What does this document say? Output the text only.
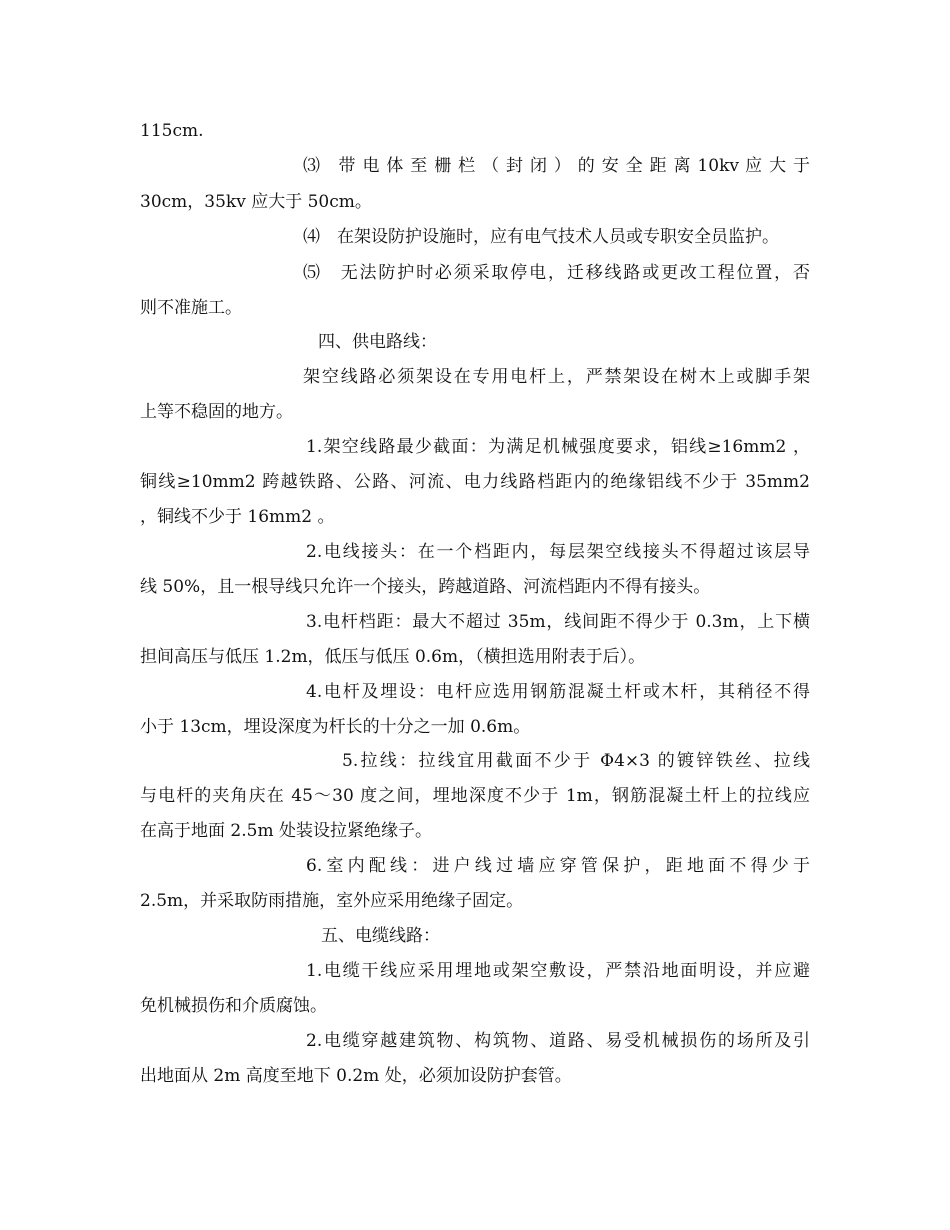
115cm.
⑶　带 电 体 至 栅 栏 （ 封 闭 ） 的 安 全 距 离 10kv 应 大 于
30cm，35kv 应大于 50cm。
⑷　在架设防护设施时，应有电气技术人员或专职安全员监护。
⑸　无法防护时必须采取停电，迁移线路或更改工程位置，否
则不准施工。
四、供电路线：
架空线路必须架设在专用电杆上，严禁架设在树木上或脚手架
上等不稳固的地方。
1.架空线路最少截面：为满足机械强度要求，铝线≥16mm2 ，
铜线≥10mm2 跨越铁路、公路、河流、电力线路档距内的绝缘铝线不少于 35mm2
，铜线不少于 16mm2 。
2.电线接头：在一个档距内，每层架空线接头不得超过该层导
线 50%，且一根导线只允许一个接头，跨越道路、河流档距内不得有接头。
3.电杆档距：最大不超过 35m，线间距不得少于 0.3m，上下横
担间高压与低压 1.2m，低压与低压 0.6m，（横担选用附表于后）。
4.电杆及埋设：电杆应选用钢筋混凝土杆或木杆，其稍径不得
小于 13cm，埋设深度为杆长的十分之一加 0.6m。
5.拉线：拉线宜用截面不少于 Φ4×3 的镀锌铁丝、拉线
与电杆的夹角庆在 45～30 度之间，埋地深度不少于 1m，钢筋混凝土杆上的拉线应
在高于地面 2.5m 处装设拉紧绝缘子。
6.室内配线：进户线过墙应穿管保护，距地面不得少于
2.5m，并采取防雨措施，室外应采用绝缘子固定。
五、电缆线路：
1.电缆干线应采用埋地或架空敷设，严禁沿地面明设，并应避
免机械损伤和介质腐蚀。
2.电缆穿越建筑物、构筑物、道路、易受机械损伤的场所及引
出地面从 2m 高度至地下 0.2m 处，必须加设防护套管。
